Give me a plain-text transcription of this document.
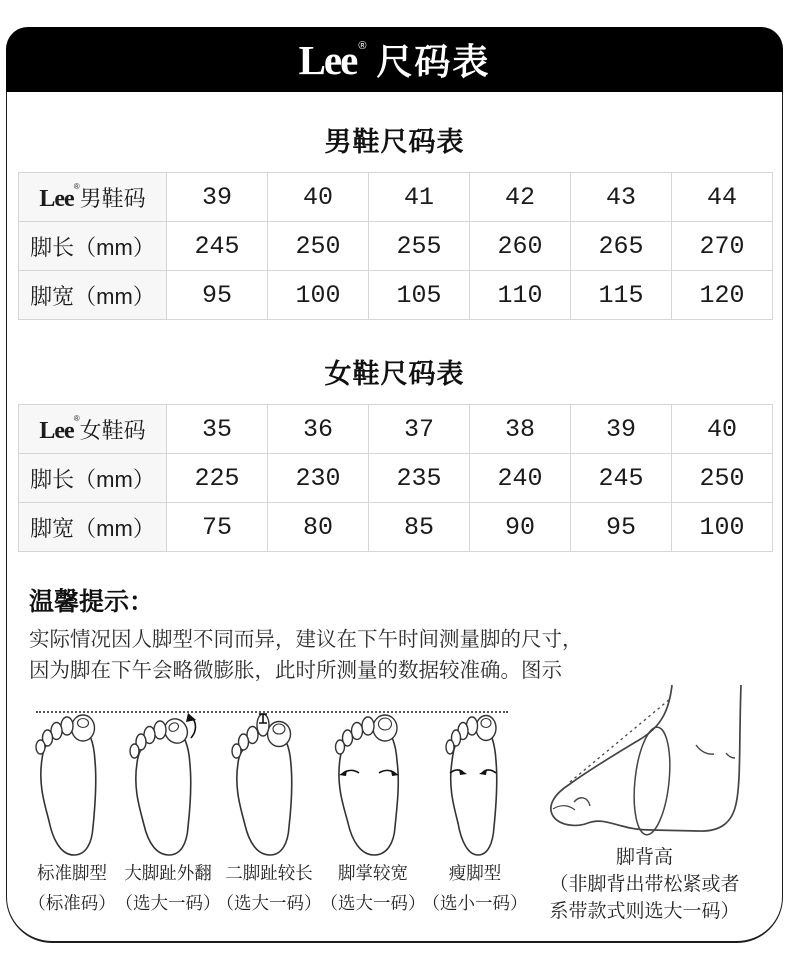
Lee ® 尺码表
男鞋尺码表
Lee®男鞋码	39	40	41	42	43	44
脚长（mm）	245	250	255	260	265	270
脚宽（mm）	95	100	105	110	115	120
女鞋尺码表
Lee®女鞋码	35	36	37	38	39	40
脚长（mm）	225	230	235	240	245	250
脚宽（mm）	75	80	85	90	95	100
温馨提示：
实际情况因人脚型不同而异，建议在下午时间测量脚的尺寸，
因为脚在下午会略微膨胀，此时所测量的数据较准确。图示
标准脚型
（标准码）
大脚趾外翻
（选大一码）
二脚趾较长
（选大一码）
脚掌较宽
（选大一码）
瘦脚型
（选小一码）
脚背高
（非脚背出带松紧或者
系带款式则选大一码）
